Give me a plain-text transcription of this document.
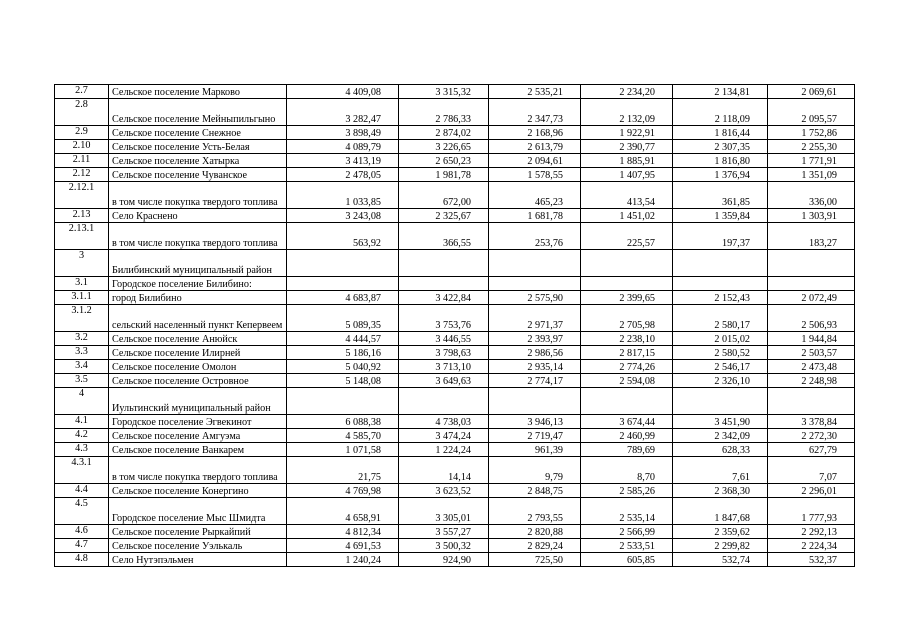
2.7	Сельское поселение Марково	4 409,08	3 315,32	2 535,21	2 234,20	2 134,81	2 069,61
2.8	Сельское поселение Мейныпильгыно	3 282,47	2 786,33	2 347,73	2 132,09	2 118,09	2 095,57
2.9	Сельское поселение Снежное	3 898,49	2 874,02	2 168,96	1 922,91	1 816,44	1 752,86
2.10	Сельское поселение Усть-Белая	4 089,79	3 226,65	2 613,79	2 390,77	2 307,35	2 255,30
2.11	Сельское поселение Хатырка	3 413,19	2 650,23	2 094,61	1 885,91	1 816,80	1 771,91
2.12	Сельское поселение Чуванское	2 478,05	1 981,78	1 578,55	1 407,95	1 376,94	1 351,09
2.12.1	в том числе покупка твердого топлива	1 033,85	672,00	465,23	413,54	361,85	336,00
2.13	Село Краснено	3 243,08	2 325,67	1 681,78	1 451,02	1 359,84	1 303,91
2.13.1	в том числе покупка твердого топлива	563,92	366,55	253,76	225,57	197,37	183,27
3	Билибинский муниципальный район						
3.1	Городское поселение Билибино:						
3.1.1	город Билибино	4 683,87	3 422,84	2 575,90	2 399,65	2 152,43	2 072,49
3.1.2	сельский населенный пункт Кепервеем	5 089,35	3 753,76	2 971,37	2 705,98	2 580,17	2 506,93
3.2	Сельское поселение Анюйск	4 444,57	3 446,55	2 393,97	2 238,10	2 015,02	1 944,84
3.3	Сельское поселение Илирней	5 186,16	3 798,63	2 986,56	2 817,15	2 580,52	2 503,57
3.4	Сельское поселение Омолон	5 040,92	3 713,10	2 935,14	2 774,26	2 546,17	2 473,48
3.5	Сельское поселение Островное	5 148,08	3 649,63	2 774,17	2 594,08	2 326,10	2 248,98
4	Иультинский муниципальный район						
4.1	Городское поселение Эгвекинот	6 088,38	4 738,03	3 946,13	3 674,44	3 451,90	3 378,84
4.2	Сельское поселение Амгуэма	4 585,70	3 474,24	2 719,47	2 460,99	2 342,09	2 272,30
4.3	Сельское поселение Ванкарем	1 071,58	1 224,24	961,39	789,69	628,33	627,79
4.3.1	в том числе покупка твердого топлива	21,75	14,14	9,79	8,70	7,61	7,07
4.4	Сельское поселение Конергино	4 769,98	3 623,52	2 848,75	2 585,26	2 368,30	2 296,01
4.5	Городское поселение Мыс Шмидта	4 658,91	3 305,01	2 793,55	2 535,14	1 847,68	1 777,93
4.6	Сельское поселение Рыркайпий	4 812,34	3 557,27	2 820,88	2 566,99	2 359,62	2 292,13
4.7	Сельское поселение Уэлькаль	4 691,53	3 500,32	2 829,24	2 533,51	2 299,82	2 224,34
4.8	Село Нутэпэльмен	1 240,24	924,90	725,50	605,85	532,74	532,37
